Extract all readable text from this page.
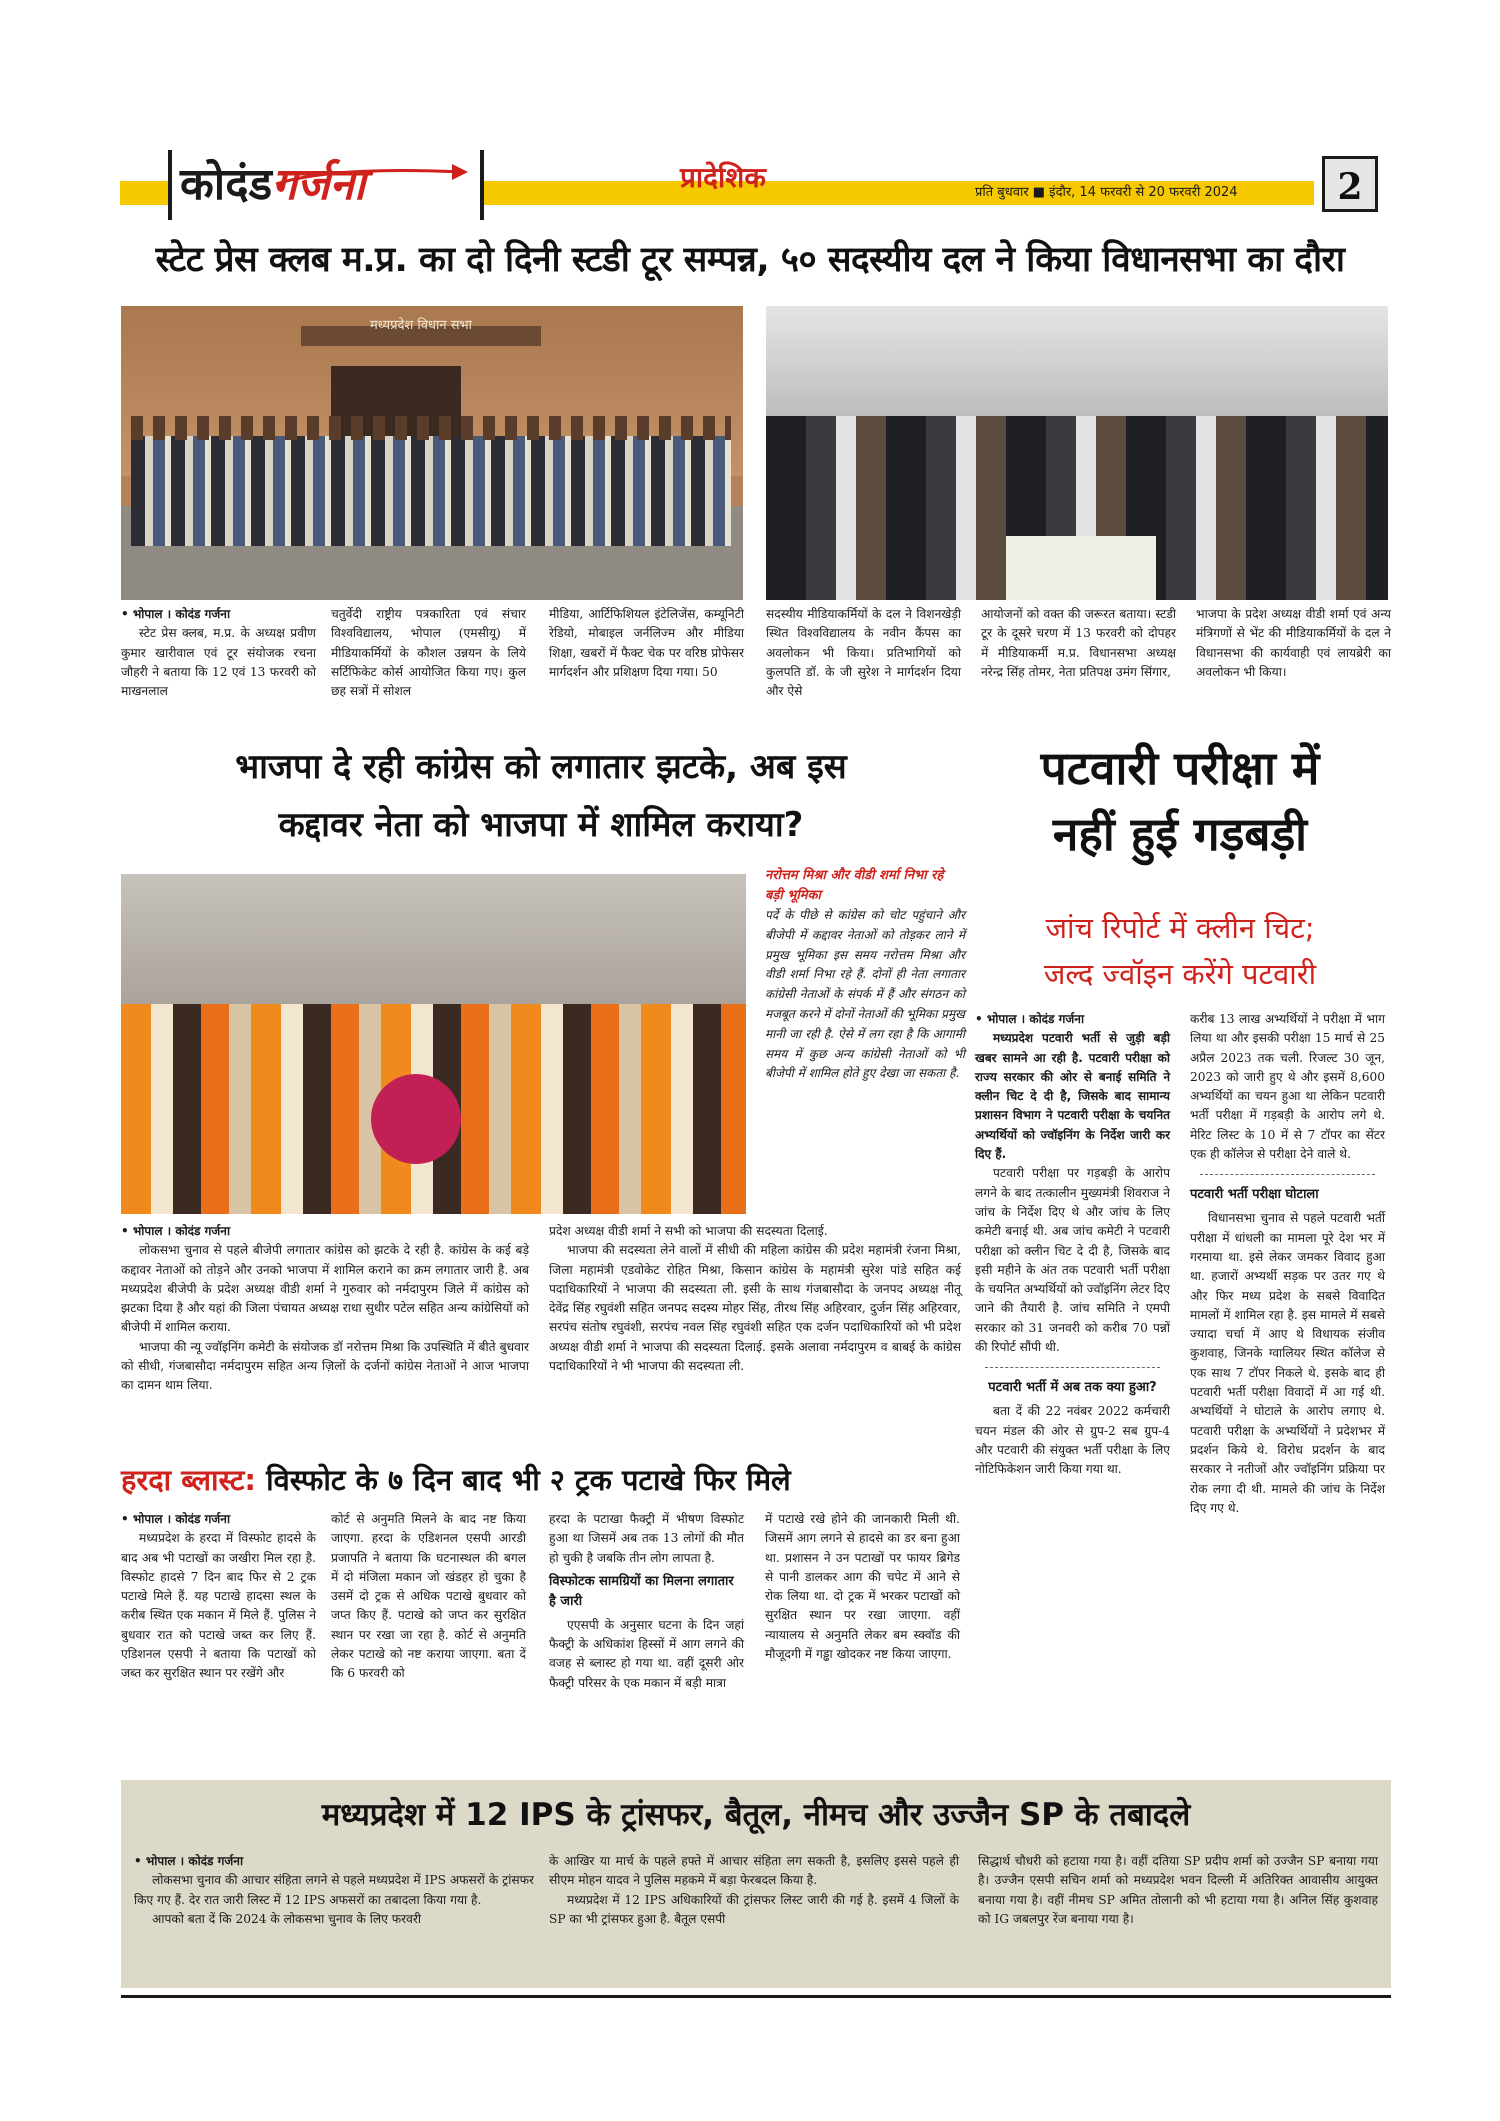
कोदंडगर्जना	प्रादेशिक	प्रति बुधवार ■ इंदौर, 14 फरवरी से 20 फरवरी 2024	2
स्टेट प्रेस क्लब म.प्र. का दो दिनी स्टडी टूर सम्पन्न, ५० सदस्यीय दल ने किया विधानसभा का दौरा
मध्यप्रदेश विधान सभा

• भोपाल । कोदंड गर्जना

स्टेट प्रेस क्लब, म.प्र. के अध्यक्ष प्रवीण कुमार खारीवाल एवं टूर संयोजक रचना जौहरी ने बताया कि 12 एवं 13 फरवरी को माखनलाल

चतुर्वेदी राष्ट्रीय पत्रकारिता एवं संचार विश्वविद्यालय, भोपाल (एमसीयू) में मीडियाकर्मियों के कौशल उन्नयन के लिये सर्टिफिकेट कोर्स आयोजित किया गए। कुल छह सत्रों में सोशल

मीडिया, आर्टिफिशियल इंटेलिजेंस, कम्यूनिटी रेडियो, मोबाइल जर्नलिज्म और मीडिया शिक्षा, खबरों में फैक्ट चेक पर वरिष्ठ प्रोफेसर मार्गदर्शन और प्रशिक्षण दिया गया। 50

सदस्यीय मीडियाकर्मियों के दल ने विशनखेड़ी स्थित विश्वविद्यालय के नवीन कैंपस का अवलोकन भी किया। प्रतिभागियों को कुलपति डॉ. के जी सुरेश ने मार्गदर्शन दिया और ऐसे

आयोजनों को वक्त की जरूरत बताया। स्टडी टूर के दूसरे चरण में 13 फरवरी को दोपहर में मीडियाकर्मी म.प्र. विधानसभा अध्यक्ष नरेन्द्र सिंह तोमर, नेता प्रतिपक्ष उमंग सिंगार,

भाजपा के प्रदेश अध्यक्ष वीडी शर्मा एवं अन्य मंत्रिगणों से भेंट की मीडियाकर्मियों के दल ने विधानसभा की कार्यवाही एवं लायब्रेरी का अवलोकन भी किया।

भाजपा दे रही कांग्रेस को लगातार झटके, अब इस
कद्दावर नेता को भाजपा में शामिल कराया?
नरोत्तम मिश्रा और वीडी शर्मा निभा रहे बड़ी भूमिका
पर्दे के पीछे से कांग्रेस को चोट पहुंचाने और बीजेपी में कद्दावर नेताओं को तोड़कर लाने में प्रमुख भूमिका इस समय नरोत्तम मिश्रा और वीडी शर्मा निभा रहे हैं. दोनों ही नेता लगातार कांग्रेसी नेताओं के संपर्क में हैं और संगठन को मजबूत करने में दोनों नेताओं की भूमिका प्रमुख मानी जा रही है. ऐसे में लग रहा है कि आगामी समय में कुछ अन्य कांग्रेसी नेताओं को भी बीजेपी में शामिल होते हुए देखा जा सकता है.

• भोपाल । कोदंड गर्जना

लोकसभा चुनाव से पहले बीजेपी लगातार कांग्रेस को झटके दे रही है. कांग्रेस के कई बड़े कद्दावर नेताओं को तोड़ने और उनको भाजपा में शामिल कराने का क्रम लगातार जारी है. अब मध्यप्रदेश बीजेपी के प्रदेश अध्यक्ष वीडी शर्मा ने गुरुवार को नर्मदापुरम जिले में कांग्रेस को झटका दिया है और यहां की जिला पंचायत अध्यक्ष राधा सुधीर पटेल सहित अन्य कांग्रेसियों को बीजेपी में शामिल कराया.

भाजपा की न्यू ज्वॉइनिंग कमेटी के संयोजक डॉ नरोत्तम मिश्रा कि उपस्थिति में बीते बुधवार को सीधी, गंजबासौदा नर्मदापुरम सहित अन्य ज़िलों के दर्जनों कांग्रेस नेताओं ने आज भाजपा का दामन थाम लिया.

प्रदेश अध्यक्ष वीडी शर्मा ने सभी को भाजपा की सदस्यता दिलाई.

भाजपा की सदस्यता लेने वालों में सीधी की महिला कांग्रेस की प्रदेश महामंत्री रंजना मिश्रा, जिला महामंत्री एडवोकेट रोहित मिश्रा, किसान कांग्रेस के महामंत्री सुरेश पांडे सहित कई पदाधिकारियों ने भाजपा की सदस्यता ली. इसी के साथ गंजबासौदा के जनपद अध्यक्ष नीतू देवेंद्र सिंह रघुवंशी सहित जनपद सदस्य मोहर सिंह, तीरथ सिंह अहिरवार, दुर्जन सिंह अहिरवार, सरपंच संतोष रघुवंशी, सरपंच नवल सिंह रघुवंशी सहित एक दर्जन पदाधिकारियों को भी प्रदेश अध्यक्ष वीडी शर्मा ने भाजपा की सदस्यता दिलाई. इसके अलावा नर्मदापुरम व बाबई के कांग्रेस पदाधिकारियों ने भी भाजपा की सदस्यता ली.

पटवारी परीक्षा में
नहीं हुई गड़बड़ी
जांच रिपोर्ट में क्लीन चिट;
जल्द ज्वॉइन करेंगे पटवारी

• भोपाल । कोदंड गर्जना

मध्यप्रदेश पटवारी भर्ती से जुड़ी बड़ी खबर सामने आ रही है. पटवारी परीक्षा को राज्य सरकार की ओर से बनाई समिति ने क्लीन चिट दे दी है, जिसके बाद सामान्य प्रशासन विभाग ने पटवारी परीक्षा के चयनित अभ्यर्थियों को ज्वॉइनिंग के निर्देश जारी कर दिए हैं.

पटवारी परीक्षा पर गड़बड़ी के आरोप लगने के बाद तत्कालीन मुख्यमंत्री शिवराज ने जांच के निर्देश दिए थे और जांच के लिए कमेटी बनाई थी. अब जांच कमेटी ने पटवारी परीक्षा को क्लीन चिट दे दी है, जिसके बाद इसी महीने के अंत तक पटवारी भर्ती परीक्षा के चयनित अभ्यर्थियों को ज्वॉइनिंग लेटर दिए जाने की तैयारी है. जांच समिति ने एमपी सरकार को 31 जनवरी को करीब 70 पन्नों की रिपोर्ट सौंपी थी.

पटवारी भर्ती में अब तक क्या हुआ?

बता दें की 22 नवंबर 2022 कर्मचारी चयन मंडल की ओर से ग्रुप-2 सब ग्रुप-4 और पटवारी की संयुक्त भर्ती परीक्षा के लिए नोटिफिकेशन जारी किया गया था.

करीब 13 लाख अभ्यर्थियों ने परीक्षा में भाग लिया था और इसकी परीक्षा 15 मार्च से 25 अप्रैल 2023 तक चली. रिजल्ट 30 जून, 2023 को जारी हुए थे और इसमें 8,600 अभ्यर्थियों का चयन हुआ था लेकिन पटवारी भर्ती परीक्षा में गड़बड़ी के आरोप लगे थे. मेरिट लिस्ट के 10 में से 7 टॉपर का सेंटर एक ही कॉलेज से परीक्षा देने वाले थे.

पटवारी भर्ती परीक्षा घोटाला

विधानसभा चुनाव से पहले पटवारी भर्ती परीक्षा में धांधली का मामला पूरे देश भर में गरमाया था. इसे लेकर जमकर विवाद हुआ था. हजारों अभ्यर्थी सड़क पर उतर गए थे और फिर मध्य प्रदेश के सबसे विवादित मामलों में शामिल रहा है. इस मामले में सबसे ज्यादा चर्चा में आए थे विधायक संजीव कुशवाह, जिनके ग्वालियर स्थित कॉलेज से एक साथ 7 टॉपर निकले थे. इसके बाद ही पटवारी भर्ती परीक्षा विवादों में आ गई थी. अभ्यर्थियों ने घोटाले के आरोप लगाए थे. पटवारी परीक्षा के अभ्यर्थियों ने प्रदेशभर में प्रदर्शन किये थे. विरोध प्रदर्शन के बाद सरकार ने नतीजों और ज्वॉइनिंग प्रक्रिया पर रोक लगा दी थी. मामले की जांच के निर्देश दिए गए थे.

हरदा ब्लास्ट: विस्फोट के ७ दिन बाद भी २ ट्रक पटाखे फिर मिले

• भोपाल । कोदंड गर्जना

मध्यप्रदेश के हरदा में विस्फोट हादसे के बाद अब भी पटाखों का जखीरा मिल रहा है. विस्फोट हादसे 7 दिन बाद फिर से 2 ट्रक पटाखे मिले हैं. यह पटाखे हादसा स्थल के करीब स्थित एक मकान में मिले हैं. पुलिस ने बुधवार रात को पटाखे जब्त कर लिए हैं. एडिशनल एसपी ने बताया कि पटाखों को जब्त कर सुरक्षित स्थान पर रखेंगे और

कोर्ट से अनुमति मिलने के बाद नष्ट किया जाएगा. हरदा के एडिशनल एसपी आरडी प्रजापति ने बताया कि घटनास्थल की बगल में दो मंजिला मकान जो खंडहर हो चुका है उसमें दो ट्रक से अधिक पटाखे बुधवार को जप्त किए हैं. पटाखे को जप्त कर सुरक्षित स्थान पर रखा जा रहा है. कोर्ट से अनुमति लेकर पटाखे को नष्ट कराया जाएगा. बता दें कि 6 फरवरी को

हरदा के पटाखा फैक्ट्री में भीषण विस्फोट हुआ था जिसमें अब तक 13 लोगों की मौत हो चुकी है जबकि तीन लोग लापता है.

विस्फोटक सामग्रियों का मिलना लगातार है जारी

एएसपी के अनुसार घटना के दिन जहां फैक्ट्री के अधिकांश हिस्सों में आग लगने की वजह से ब्लास्ट हो गया था. वहीं दूसरी ओर फैक्ट्री परिसर के एक मकान में बड़ी मात्रा

में पटाखे रखे होने की जानकारी मिली थी. जिसमें आग लगने से हादसे का डर बना हुआ था. प्रशासन ने उन पटाखों पर फायर ब्रिगेड से पानी डालकर आग की चपेट में आने से रोक लिया था. दो ट्रक में भरकर पटाखों को सुरक्षित स्थान पर रखा जाएगा. वहीं न्यायालय से अनुमति लेकर बम स्क्वॉड की मौजूदगी में गड्ढा खोदकर नष्ट किया जाएगा.

मध्यप्रदेश में 12 IPS के ट्रांसफर, बैतूल, नीमच और उज्जैन SP के तबादले

• भोपाल । कोदंड गर्जना

लोकसभा चुनाव की आचार संहिता लगने से पहले मध्यप्रदेश में IPS अफसरों के ट्रांसफर किए गए हैं. देर रात जारी लिस्ट में 12 IPS अफसरों का तबादला किया गया है.

आपको बता दें कि 2024 के लोकसभा चुनाव के लिए फरवरी

के आखिर या मार्च के पहले हफ्ते में आचार संहिता लग सकती है, इसलिए इससे पहले ही सीएम मोहन यादव ने पुलिस महकमे में बड़ा फेरबदल किया है.

मध्यप्रदेश में 12 IPS अधिकारियों की ट्रांसफर लिस्ट जारी की गई है. इसमें 4 जिलों के SP का भी ट्रांसफर हुआ है. बैतूल एसपी

सिद्धार्थ चौधरी को हटाया गया है। वहीं दतिया SP प्रदीप शर्मा को उज्जैन SP बनाया गया है। उज्जैन एसपी सचिन शर्मा को मध्यप्रदेश भवन दिल्ली में अतिरिक्त आवासीय आयुक्त बनाया गया है। वहीं नीमच SP अमित तोलानी को भी हटाया गया है। अनिल सिंह कुशवाह को IG जबलपुर रेंज बनाया गया है।
